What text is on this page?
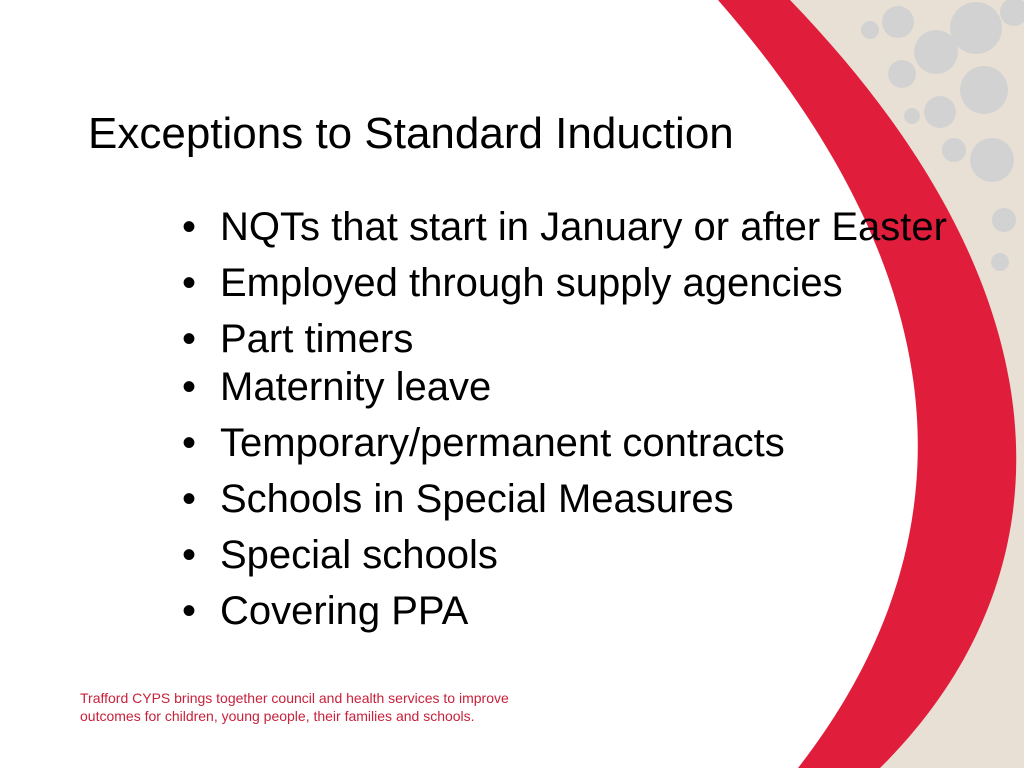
Exceptions to Standard Induction
• NQTs that start in January or after Easter
• Employed through supply agencies
• Part timers
• Maternity leave
• Temporary/permanent contracts
• Schools in Special Measures
• Special schools
• Covering PPA
Trafford CYPS brings together council and health services to improve
outcomes for children, young people, their families and schools.
